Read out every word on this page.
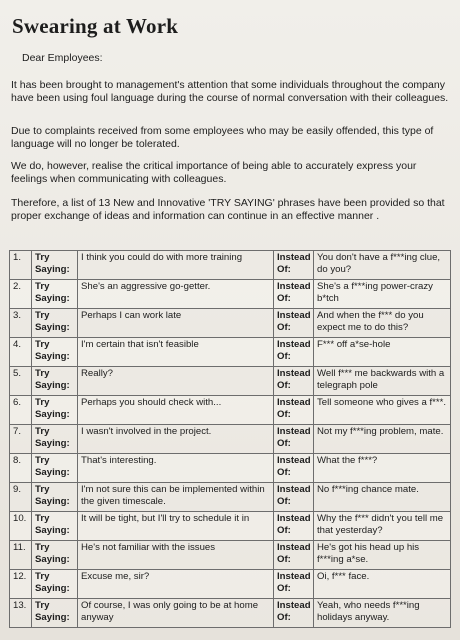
Swearing at Work
Dear Employees:

It has been brought to management's attention that some individuals throughout the company have been using foul language during the course of normal conversation with their colleagues.

Due to complaints received from some employees who may be easily offended, this type of language will no longer be tolerated.

We do, however, realise the critical importance of being able to accurately express your feelings when communicating with colleagues.

Therefore, a list of 13 New and Innovative 'TRY SAYING' phrases have been provided so that proper exchange of ideas and information can continue in an effective manner .

1.	Try Saying:	I think you could do with more training	Instead Of:	You don't have a f***ing clue, do you?
2.	Try Saying:	She's an aggressive go-getter.	Instead Of:	She's a f***ing power-crazy b*tch
3.	Try Saying:	Perhaps I can work late	Instead Of:	And when the f*** do you expect me to do this?
4.	Try Saying:	I'm certain that isn't feasible	Instead Of:	F*** off a*se-hole
5.	Try Saying:	Really?	Instead Of:	Well f*** me backwards with a telegraph pole
6.	Try Saying:	Perhaps you should check with...	Instead Of:	Tell someone who gives a f***.
7.	Try Saying:	I wasn't involved in the project.	Instead Of:	Not my f***ing problem, mate.
8.	Try Saying:	That's interesting.	Instead Of:	What the f***?
9.	Try Saying:	I'm not sure this can be implemented within the given timescale.	Instead Of:	No f***ing chance mate.
10.	Try Saying:	It will be tight, but I'll try to schedule it in	Instead Of:	Why the f*** didn't you tell me that yesterday?
11.	Try Saying:	He's not familiar with the issues	Instead Of:	He's got his head up his f***ing a*se.
12.	Try Saying:	Excuse me, sir?	Instead Of:	Oi, f*** face.
13.	Try Saying:	Of course, I was only going to be at home anyway	Instead Of:	Yeah, who needs f***ing holidays anyway.
